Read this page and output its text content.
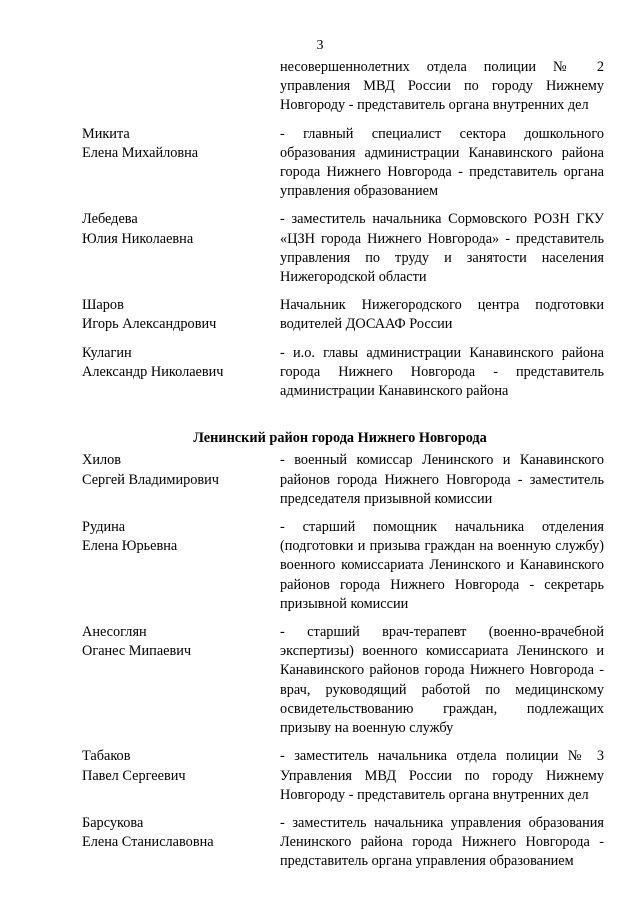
3
несовершеннолетних отдела полиции № 2 управления МВД России по городу Нижнему Новгороду - представитель органа внутренних дел
Микита
Елена Михайловна
- главный специалист сектора дошкольного образования администрации Канавинского района города Нижнего Новгорода - представитель органа управления образованием
Лебедева
Юлия Николаевна
- заместитель начальника Сормовского РОЗН ГКУ «ЦЗН города Нижнего Новгорода» - представитель управления по труду и занятости населения Нижегородской области
Шаров
Игорь Александрович
Начальник Нижегородского центра подготовки водителей ДОСААФ России
Кулагин
Александр Николаевич
- и.о. главы администрации Канавинского района города Нижнего Новгорода - представитель администрации Канавинского района
Ленинский район города Нижнего Новгорода
Хилов
Сергей Владимирович
- военный комиссар Ленинского и Канавинского районов города Нижнего Новгорода - заместитель председателя призывной комиссии
Рудина
Елена Юрьевна
- старший помощник начальника отделения (подготовки и призыва граждан на военную службу) военного комиссариата Ленинского и Канавинского районов города Нижнего Новгорода - секретарь призывной комиссии
Анесоглян
Оганес Мипаевич
- старший врач-терапевт (военно-врачебной экспертизы) военного комиссариата Ленинского и Канавинского районов города Нижнего Новгорода - врач, руководящий работой по медицинскому освидетельствованию граждан, подлежащих призыву на военную службу
Табаков
Павел Сергеевич
- заместитель начальника отдела полиции № 3 Управления МВД России по городу Нижнему Новгороду - представитель органа внутренних дел
Барсукова
Елена Станиславовна
- заместитель начальника управления образования Ленинского района города Нижнего Новгорода - представитель органа управления образованием
